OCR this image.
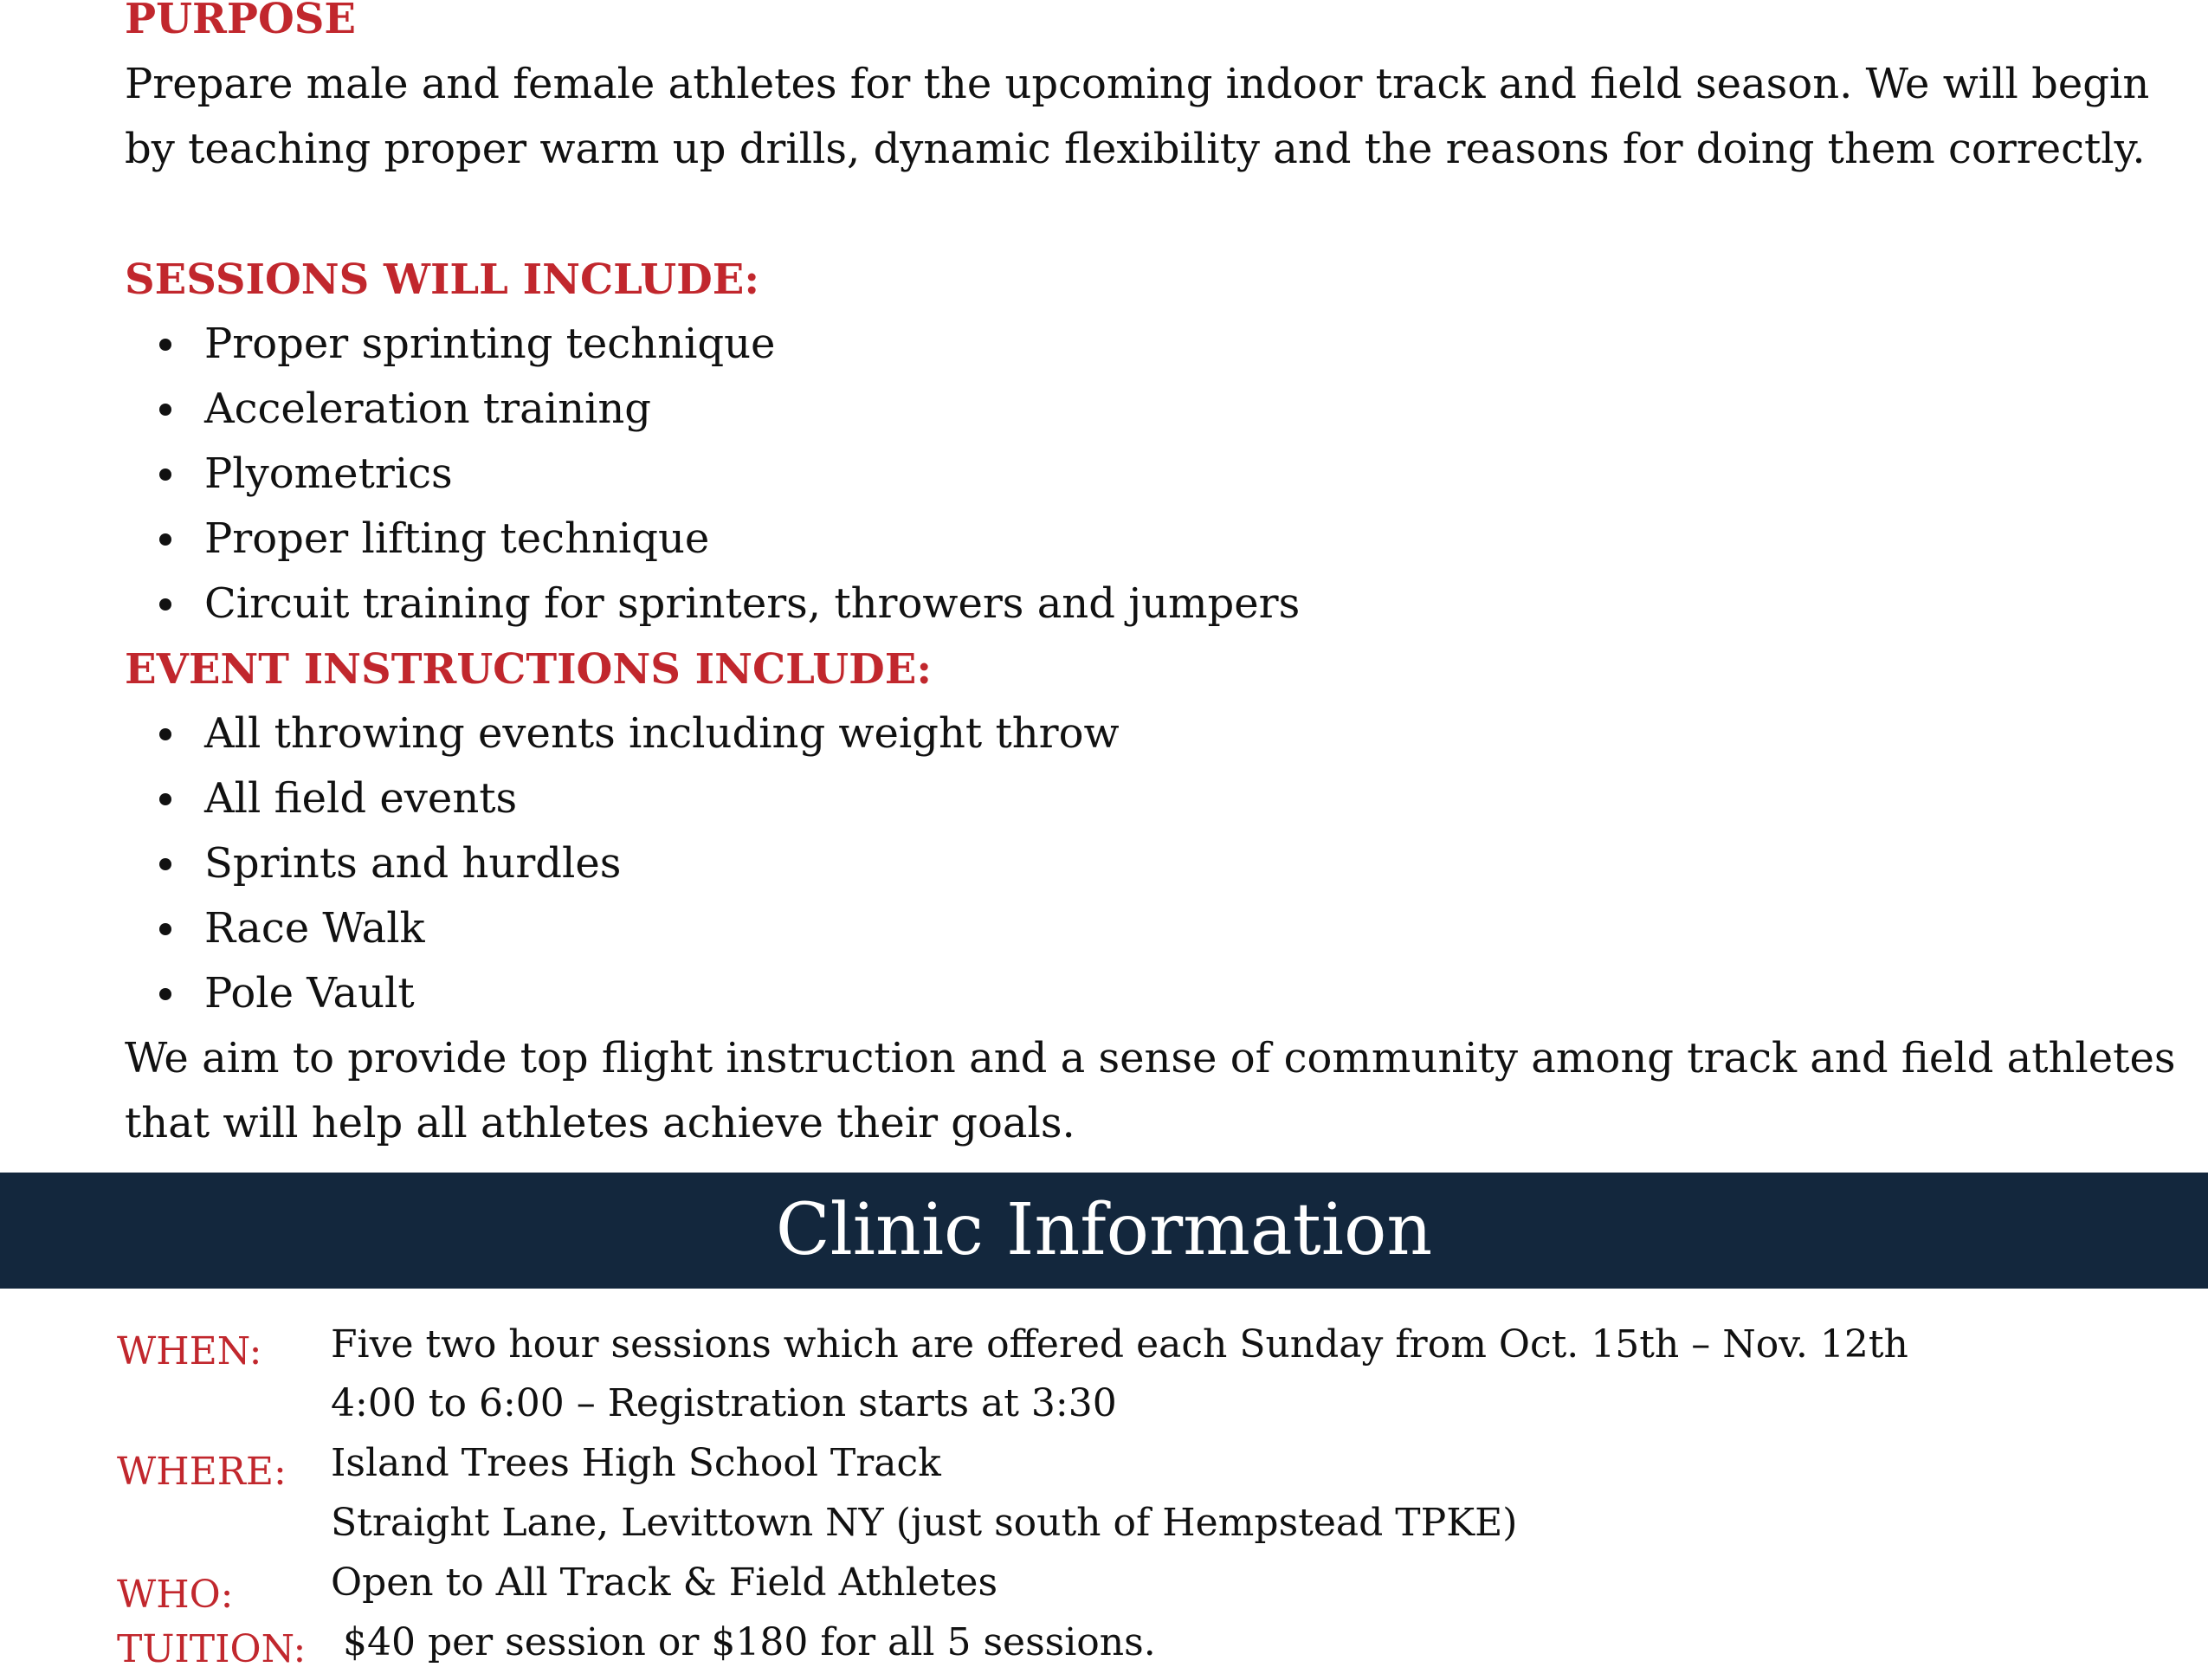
PURPOSE

Prepare male and female athletes for the upcoming indoor track and field season. We will begin

by teaching proper warm up drills, dynamic flexibility and the reasons for doing them correctly.

SESSIONS WILL INCLUDE:
Proper sprinting technique
Acceleration training
Plyometrics
Proper lifting technique
Circuit training for sprinters, throwers and jumpers
EVENT INSTRUCTIONS INCLUDE:
All throwing events including weight throw
All field events
Sprints and hurdles
Race Walk
Pole Vault

We aim to provide top flight instruction and a sense of community among track and field athletes

that will help all athletes achieve their goals.

Clinic Information
WHEN: Five two hour sessions which are offered each Sunday from Oct. 15th – Nov. 12th
4:00 to 6:00 – Registration starts at 3:30
WHERE: Island Trees High School Track
Straight Lane, Levittown NY (just south of Hempstead TPKE)
WHO:	Open to All Track & Field Athletes
TUITION: $40 per session or $180 for all 5 sessions.
